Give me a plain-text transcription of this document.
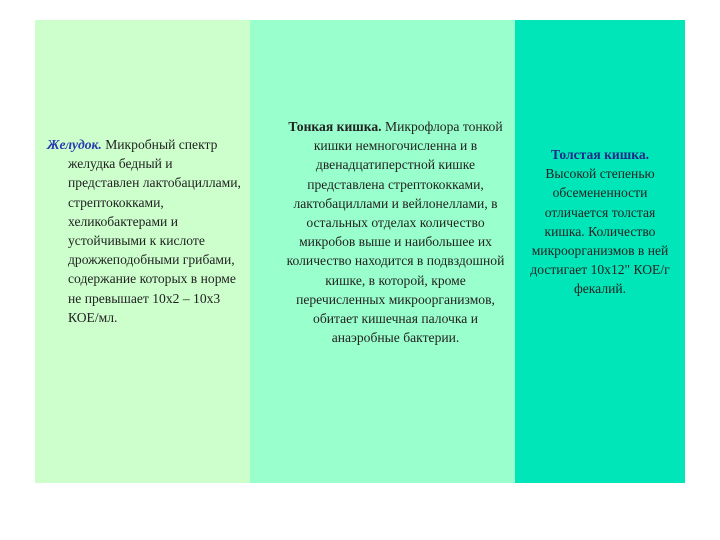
Желудок. Микробный спектр желудка бедный и представлен лактобациллами, стрептококками, хеликобактерами и устойчивыми к кислоте дрожжеподобными грибами, содержание которых в норме не превышает 10х2 – 10х3 КОЕ/мл.
Тонкая кишка. Микрофлора тонкой кишки немногочисленна и в двенадцатиперстной кишке представлена стрептококками, лактобациллами и вейлонеллами, в остальных отделах количество микробов выше и наибольшее их количество находится в подвздошной кишке, в которой, кроме перечисленных микроорганизмов, обитает кишечная палочка и анаэробные бактерии.
Толстая кишка. Высокой степенью обсемененности отличается толстая кишка. Количество микроорганизмов в ней достигает 10х12" КОЕ/г фекалий.
